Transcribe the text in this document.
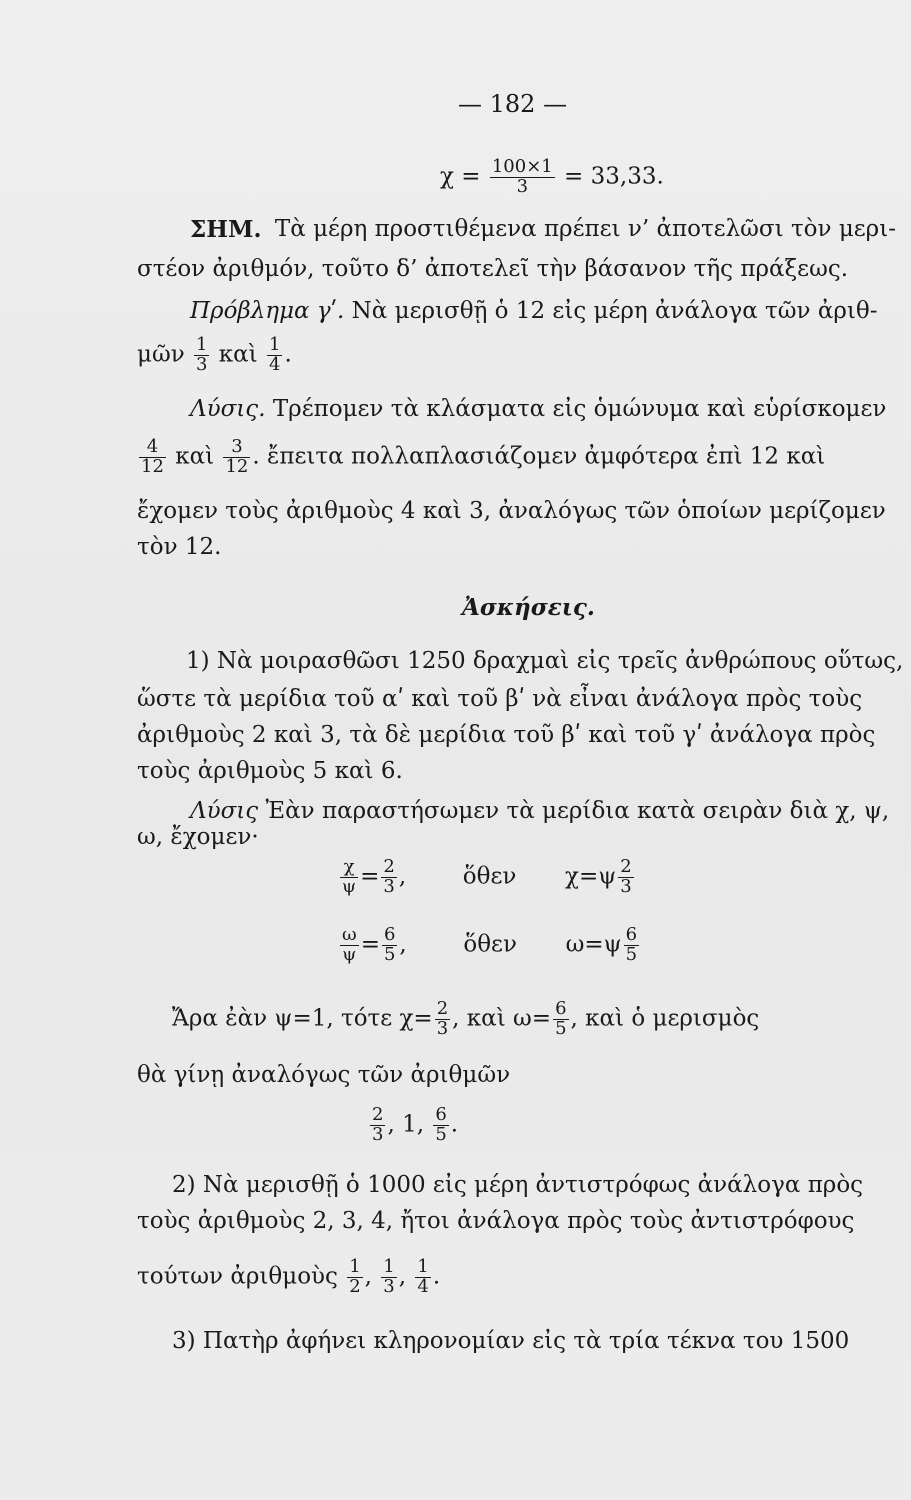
— 182 —
$\chi = \frac{100\times 1}{3} = 33,33$.
ΣΗΜ. Τὰ μέρη προστιθέμενα πρέπει ν’ ἀποτελῶσι τὸν μερι-
στέον ἀριθμόν, τοῦτο δ’ ἀποτελεῖ τὴν βάσανον τῆς πράξεως.
Πρόβλημα γʹ. Νὰ μερισθῇ ὁ 12 εἰς μέρη ἀνάλογα τῶν ἀριθ-
μῶν $\frac{1}{3}$ καὶ $\frac{1}{4}$ .
Λύσις. Τρέπομεν τὰ κλάσματα εἰς ὁμώνυμα καὶ εὑρίσκομεν
$\frac{4}{12}$ καὶ $\frac{3}{12}$ . ἔπειτα πολλαπλασιάζομεν ἀμφότερα ἐπὶ 12 καὶ
ἔχομεν τοὺς ἀριθμοὺς 4 καὶ 3, ἀναλόγως τῶν ὁποίων μερίζομεν
τὸν 12.
Ἀσκήσεις.
1) Νὰ μοιρασθῶσι 1250 δραχμαὶ εἰς τρεῖς ἀνθρώπους οὕτως,
ὥστε τὰ μερίδια τοῦ αʹ καὶ τοῦ βʹ νὰ εἶναι ἀνάλογα πρὸς τοὺς
ἀριθμοὺς 2 καὶ 3, τὰ δὲ μερίδια τοῦ βʹ καὶ τοῦ γʹ ἀνάλογα πρὸς
τοὺς ἀριθμοὺς 5 καὶ 6.
Λύσις Ἐὰν παραστήσωμεν τὰ μερίδια κατὰ σειρὰν διὰ χ, ψ,
ω, ἔχομεν·
$\frac{\chi}{\psi} = \frac{2}{3}$ , ὅθεν $\chi=\psi \frac{2}{3}$
$\frac{\omega}{\psi} = \frac{6}{5}$ , ὅθεν $\omega=\psi \frac{6}{5}$
Ἄρα ἐὰν ψ=1, τότε $\chi= \frac{2}{3}$ , καὶ $\omega= \frac{6}{5}$ , καὶ ὁ μερισμὸς
θὰ γίνῃ ἀναλόγως τῶν ἀριθμῶν
$\frac{2}{3}$ , 1, $\frac{6}{5}$ .
2) Νὰ μερισθῇ ὁ 1000 εἰς μέρη ἀντιστρόφως ἀνάλογα πρὸς
τοὺς ἀριθμοὺς 2, 3, 4, ἤτοι ἀνάλογα πρὸς τοὺς ἀντιστρόφους
τούτων ἀριθμοὺς $\frac{1}{2}$ , $\frac{1}{3}$ , $\frac{1}{4}$ .
3) Πατὴρ ἀφήνει κληρονομίαν εἰς τὰ τρία τέκνα του 1500
